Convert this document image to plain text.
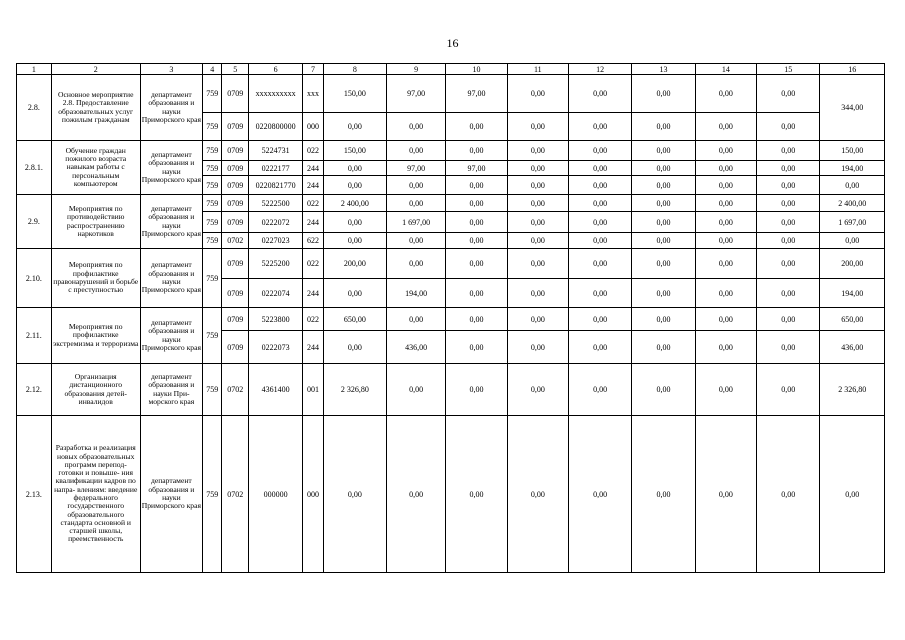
16
1	2	3	4	5	6	7	8	9	10	11	12	13	14	15	16
2.8.	Основное мероприятие 2.8. Предоставление образовательных услуг пожилым гражданам	департамент образования и науки Приморского края	759	0709	xxxxxxxxxx	xxx	150,00	97,00	97,00	0,00	0,00	0,00	0,00	0,00	344,00
			759	0709	0220800000	000	0,00	0,00	0,00	0,00	0,00	0,00	0,00	0,00	
2.8.1.	Обучение граждан пожилого возраста навыкам работы с персональным компьютером	департамент образования и науки Приморского края	759	0709	5224731	022	150,00	0,00	0,00	0,00	0,00	0,00	0,00	0,00	150,00
			759	0709	0222177	244	0,00	97,00	97,00	0,00	0,00	0,00	0,00	0,00	194,00
			759	0709	0220821770	244	0,00	0,00	0,00	0,00	0,00	0,00	0,00	0,00	0,00
2.9.	Мероприятия по противодействию распространению наркотиков	департамент образования и науки Приморского края	759	0709	5222500	022	2 400,00	0,00	0,00	0,00	0,00	0,00	0,00	0,00	2 400,00
			759	0709	0222072	244	0,00	1 697,00	0,00	0,00	0,00	0,00	0,00	0,00	1 697,00
			759	0702	0227023	622	0,00	0,00	0,00	0,00	0,00	0,00	0,00	0,00	0,00
2.10.	Мероприятия по профилактике правонарушений и борьбе с преступностью	департамент образования и науки Приморского края	759	0709	5225200	022	200,00	0,00	0,00	0,00	0,00	0,00	0,00	0,00	200,00
				0709	0222074	244	0,00	194,00	0,00	0,00	0,00	0,00	0,00	0,00	194,00
2.11.	Мероприятия по профилактике экстремизма и терроризма	департамент образования и науки Приморского края	759	0709	5223800	022	650,00	0,00	0,00	0,00	0,00	0,00	0,00	0,00	650,00
				0709	0222073	244	0,00	436,00	0,00	0,00	0,00	0,00	0,00	0,00	436,00
2.12.	Организация дистанционного образования детей-инвалидов	департамент образования и науки При- морского края	759	0702	4361400	001	2 326,80	0,00	0,00	0,00	0,00	0,00	0,00	0,00	2 326,80
2.13.	Разработка и реализация новых образовательных программ перепод- готовки и повыше- ния квалификации кадров по напра- влениям: введение федерального государственного образовательного стандарта основной и старшей школы, преемственность	департамент образования и науки Приморского края	759	0702	000000	000	0,00	0,00	0,00	0,00	0,00	0,00	0,00	0,00	0,00
